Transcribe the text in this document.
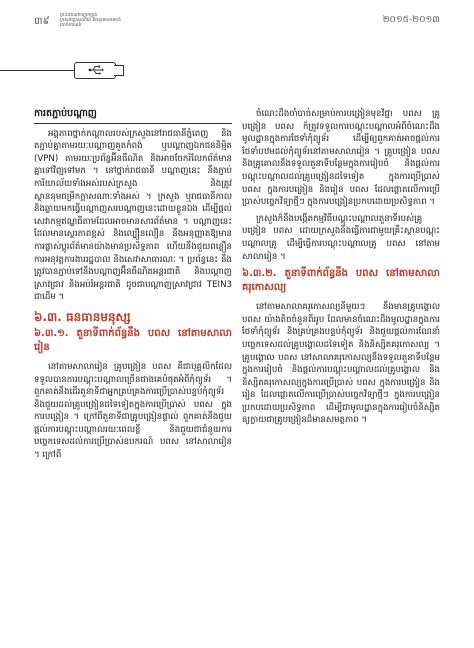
៣៩
ព្រះរាជាណាចក្រកម្ពុជា
ក្រសួងប្រៃសណីយ៍ និងទូរគមនាគមន៍
របាយការណ៍
២០១៥-២០១៣
ការតភ្ជាប់បណ្តាញ

អង្គភាពថ្នាក់កណ្ដាលរបស់ក្រសួងនៅរាជធានីភ្នំពេញ និងតភ្ជាប់គ្នាតាមរយៈបណ្ដាញគួតកំពង់ ឬបណ្ដាញឯកជននិម្មិត (VPN) តាមរយៈប្រព័ន្ធអ៊ីនធឺណិត និងអាចចែករំលែកព័ត៌មានគ្នាទៅវិញទៅមក ។ នៅថ្នាក់រាជធានី បណ្ដាញនេះ នឹងភ្ជាប់ការិយាល័យទាំងអស់របស់ក្រសួង និងត្រូវស្ថាននុមជម្រឹកក្ដាសណាៈទាំងអស់ ។ ក្រសួង ឬរាជធានីកាល និងឆ្លាយមកធ្វើបណ្ដាញសរបណ្ដាញនេះដោយខ្លួនឯង ដើម្បីផ្ដល់សេវាកម្មឥណ្ឌធីតាមដែលអាចមានសារព័ត៌មាន ។ បណ្ដាញនេះ ដែលមានស្ថេរភាពខ្ពស់ និងល្បឿនលឿន នឹងអនុញ្ញាតឱ្យមានការផ្លាស់ប្ដូរព័ត៌មានយ៉ាងមានប្រសិទ្ធភាព ហើយនឹងជួយពន្លឿនការអនុវត្តការងាររដ្ឋបាល និងសេវាសាធារណៈ ។ ប្រព័ន្ធនេះ នឹងត្រូវបានភ្ជាប់ទៅនឹងបណ្ដាញអ៊ីនធឺណិតអន្តរជាតិ និងបណ្ដាញស្រាវជ្រាវ និងអប់រំអន្តរជាតិ ដូចជាបណ្ដាញស្រាវជ្រាវ TEIN3 ជាដើម ។

៦.៣. ធនធានមនុស្ស
៦.៣.១. តួនាទីពាក់ព័ន្ធនឹង បពស នៅតាមសាលារៀន

នៅតាមសាលារៀន គ្រូបង្រៀន បពស គឺជាបុគ្គលិកដែលទទួលបានការបណ្ដុះបណ្ដាលច្រើនជាងគេបំផុតអំពីកុំព្យូទ័រ ។ ពួកគាត់នឹងដើរតួនាទីជាអ្នកគ្រប់គ្រងការប្រើប្រាស់បន្ទប់កុំព្យូទ័រ និងជួយដល់គ្រូបង្រៀនដទៃទៀតក្នុងការប្រើប្រាស់ បពស ក្នុងការបង្រៀន ។ ក្រៅពីតួនាទីជាគ្រូបង្រៀនផ្ទាល់ ពួកគាត់នឹងជួយផ្ដល់ការបណ្ដុះបណ្ដាលរយៈពេលខ្លី និងជួយជាជំនួយការបច្ចេកទេសដល់ការប្រើប្រាស់ឧបករណ៍ បពស នៅសាលារៀន ។ ក្រៅពី

ចំណេះដឹងចាំបាច់សម្រាប់ការបង្រៀនមុខវិជ្ជា បពស គ្រូបង្រៀន បពស ក៏ត្រូវទទួលការបណ្ដុះបណ្ដាលអំពីចំណេះដឹងមូលដ្ឋានក្នុងការថែទាំកុំព្យូទ័រ ដើម្បីឲ្យពួកគាត់អាចផ្ដល់ការថែទាំបឋមដល់កុំព្យូទ័រនៅតាមសាលារៀន ។ គ្រូបង្រៀន បពស និងគ្រូគោលនឹងទទួលតួនាទីបន្ថែមក្នុងការរៀបចំ និងផ្ដល់ការបណ្ដុះបណ្ដាលដល់គ្រូបង្រៀនដទៃទៀត ក្នុងការប្រើប្រាស់ បពស ក្នុងការបង្រៀន និងរៀន បពស ដែលផ្ដោតលើការប្រើប្រាស់បច្ចេកវិទ្យាថ្មីៗ ក្នុងការបង្រៀនប្រកបដោយប្រសិទ្ធភាព ។

ក្រសួងក៏នឹងបង្កើតកម្មវិធីបណ្ដុះបណ្ដាលតួនាទីរបស់គ្រូបង្រៀន បពស ដោយក្រសួងនឹងធ្វើការជាមួយគ្រឹះស្ថានបណ្ដុះបណ្ដាលគ្រូ ដើម្បីធ្វើការបណ្ដុះបណ្ដាលគ្រូ បពស នៅតាមសាលារៀន ។

៦.៣.២. តួនាទីពាក់ព័ន្ធនឹង បពស នៅតាមសាលាគរុកោសល្យ

នៅតាមសាលាគរុកោសល្យនីមួយៗ នឹងមានគ្រូបង្គោល បពស យ៉ាងតិចចំនួនពីររូប ដែលមានចំណេះដឹងមូលដ្ឋានក្នុងការថែទាំកុំព្យូទ័រ និងគ្រប់គ្រងបន្ទប់កុំព្យូទ័រ និងជួយផ្ដល់ការណែនាំបច្ចេកទេសដល់គ្រូបង្គោលដទៃទៀត និងនិស្សិតគរុកោសល្យ ។ គ្រូបង្គោល បពស នៅសាលាគរុកោសល្យនឹងទទួលតួនាទីបន្ថែមក្នុងការរៀបចំ និងផ្ដល់ការបណ្ដុះបណ្ដាលដល់គ្រូបង្គោល និងនិស្សិតគរុកោសល្យក្នុងការប្រើប្រាស់ បពស ក្នុងការបង្រៀន និងរៀន ដែលផ្ដោតលើការប្រើប្រាស់បច្ចេកវិទ្យាថ្មីៗ ក្នុងការបង្រៀនប្រកបដោយប្រសិទ្ធភាព ដើម្បីជាមូលដ្ឋានក្នុងការរៀបចំនិស្សិតឲ្យក្លាយជាគ្រូបង្រៀនដ៏មានសមត្ថភាព ។
